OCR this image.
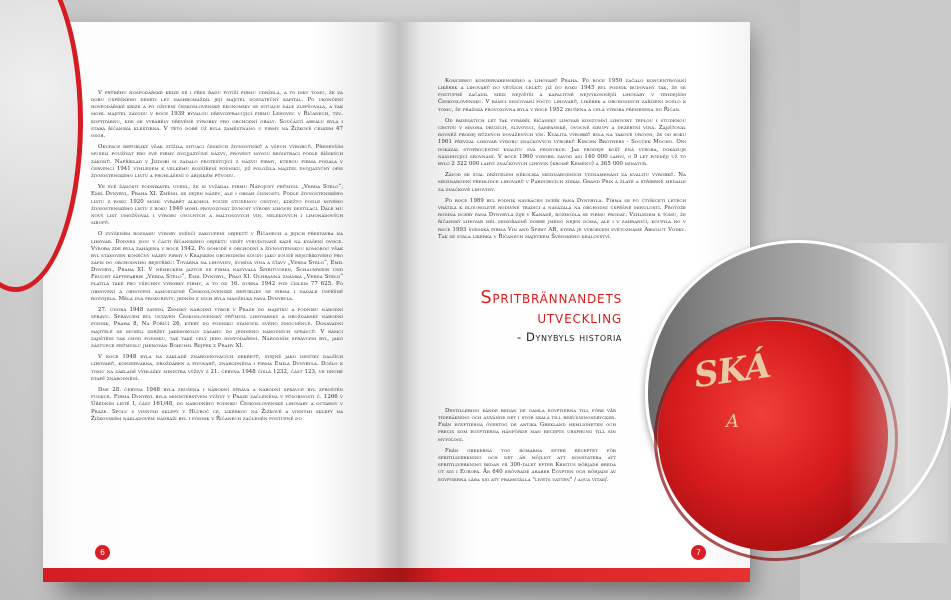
V průběhu hospodářské krize se i přes řadu potíží firmu udrželá, a to díky tomu, že za dobu úspěšného deseti let nashromáždil její majitel dostatečný kapitál. Po ukončení hospodářské krize a po oživení československé ekonomiky se situace dále zlepšovala, a tak mohl majitel závodu v roce 1939 bývalou dřevozpracující firmu Lehovec v Říčanech, tzv. koptitárnu, kde se vyráběly dřevěné výrobky pro obchodní obaly. Součástí areálu byla i stará říčanská kleštírna. V této době už byla zaměstnáno u firmy na Žižkově celkem 47 osob.

Okupace republiky však ztížila situaci českých živnostníků a všech výrobců. Především museli používat pro své firmy dvojjazyčné názvy, provést novou registraci podle říšských zákonů. Například v Jizdobí si zadalo protestující z názvu firmy, kterou firma podala v červenci 1941 výhledem k velkému rozšíření podniku, již položila majitel dvojjazyčný opis živnostenského listu a prohlášení o árijském původu.

Ve své žádosti podnikatel uvedl, že si vyžádal firmu Nápojový průmysl „Verda Stelo“, Emil Dynybyl, Praha XI. Změnil se nejen název, ale i obsah činnosti. Podle živnostenského listu z roku 1920 mohl vyrábět alkohol pouze studenou cestou, kdežto podle nového živnostenského listu z roku 1940 mohl provozovat živnost výroby lihovin destilací. Dále mu nový list umožňoval i výrobu ovocných a maltosových vín, nelékových i limonádových sirupů.

O zvýšeném rozsahu výroby svědčí zakoupení objektů v Říčanech a jejich přestavba na lihovar. Dodnes jsou v části říčanského objektu vidět vybudované kádě na kvašení ovoce. Výroba zde byla zahájena v roce 1942. Po dohodě s obchodní a živnostenskou komorou však byl stanoven konečný název firmy v Krajském obchodním soudu jako soudě rejstříkového pro zápis do obchodního rejstříku: Továrna na lihoviny, šumivá vína a šťávy „Verda Stelo“, Emil Dynybyl, Praha XI. V německém jazyce se firma nazývala Spirituosen, Schaumwein und Frucht säftefabrik „Verda Stelo“, Emil Dynybyl, Prag XI. Ochranná známka „Verda Stelo“ platila také pro všechny výrobky firmy, a to od 16. dubna 1942 pod číslem 77 625. Po obnovení a obnovení samostatné Československé republiky se firma i nadále úspěšně rozvíjela. Měla dva prokuristy, jedním z nich byla manželka pana Dynybyla.

27. února 1948 zavedl Zemský národní výbor v Praze do majetku a podniku národní správu. Správcem byl ustaven Československý průmysl lihovarský a droždárský národní podnik, Praha 8, Na Poříčí 26, který do podniku stanovil svého zmocněnce. Dosavadní majitelé se museli zdržet jakéhokoliv zásahu do jediného národních správců. V rámci zajištění tak chod podniku, tak také celý jeho hospodaření. Národním správcem byl, jako zástupce průmyslu jmenován Bohumil Rejfek z Prahy XI.

V roce 1948 byla na základě znárodňovacích dekretů, stejně jako desítky dalších lihovarů, konzervárna, droždáren a pivovarů, znárodněna i firma Emila Dynybyla. Došlo k tomu na základě vyhlášky ministra výživy z 21. června 1948 čísla 1232, část 123, ve druhé etapě znárodnění.

Dne 28. června 1948 byla zrušena i národní správa a národní správce byl zproštěn funkce. Firma Dynybyl byla ministerstvem výživy v Praze začleněna v působnosti č. 1266 v Úředním listě I, část 161/48, do národního podniku Československé lihovary a octárny v Praze. Spolu s vinnými sklepy v Hluboč ce, likérkou na Žižkově a vinnými sklepy na Žižkovském nákladovém nádraží byl i podnik v Říčanech začleněn postupně do

6
SKÁ
A

Koncernu konzervárenského a lihovarů Praha. Po roce 1950 začalo koncentrování likérek a lihovarů do větších celků: již do roku 1945 byl podnik budovaný tak, že se postupně začadil mezi největší a kapacitně nejvýkonnější lihovary v tehdejším Československu. V rámci sničování počtu lihovarů, likérek a obchodních zařízení došlo k tomu, že pražská provozovna byla v roce 1952 zrušena a celá výroba přenesena do Říčan.

Od padesátých let tak vyráběl říčanský lihovar konzumní lihoviny teplou i studenou cestou v mnoha druzích, slivovici, šampaňské, ovocné sirupy a dezertní vína. Zajišťoval rovněž prodej různých dovážených vín. Kvalita výrobků byla na takové úrovni, že od roku 1961 převzal lihovar výrobu značkových výrobků Kirchn Brothers - Souček Mocho. Oni dokázal stoprocentní kvalitu svá produkce. Jak prodeje košť ená výroba, dokázuje následující srovnání. V roce 1960 vyrobil závod asi 140 000 lahví, o 9 let později už to bylo 2 322 000 lahví značkových lihovin (kromě Keménu) a 365 000 minatur.

Závod se stal držitelem několika mezinárodních vyznamenání za kvalitu výrobků. Na mezinárodní přehlídce lihovarů v Pardubicích získal Grand Prix a zlaté a stříbrné medaile za značkové lihoviny.

Po roce 1989 byl podnik navrácen dceři pana Dynybyla. Firma se po čtyřiceti letech vrátila k dlouholeté rodinné tradici a navázala na obchodní úspěšné minulosti. Protože rodina dcery pana Dynybyla žije v Kanadě, rozhodla se firmu prodat. Vzhledem k tomu, že říčanský lihovar měl mimořádně dobré jméno nejen doma, ale i v zahraničí, koupila ho v roce 1993 švédská firma Vin and Spirit AB, která je výrobcem světoznámé Absolut Vodky. Tak se stala likérka v Říčanech majetkem Švédského království.

Spritbrännandets
utveckling
- Dynybyls historia

Destillering kände redan de gamla egyptierna till före vår tideräkning och använde det i stor skala till berusningsdrycker. Från egyptierna övertog de antika Grekland hemligheten och precis som egyptierna hänförde man recepts ursprung till sin mytologi.

Från grekerna tog romarna efter receptet för spritillverkning och det är möjligt att konstatera att spritillverkning redan på 300-talet efter Kristus började breda ut sig i Europa. År 640 erövrade araber Egypten och började av egyptierna lära sig att framställa "livets vatten" / aqua vitae/.

7
